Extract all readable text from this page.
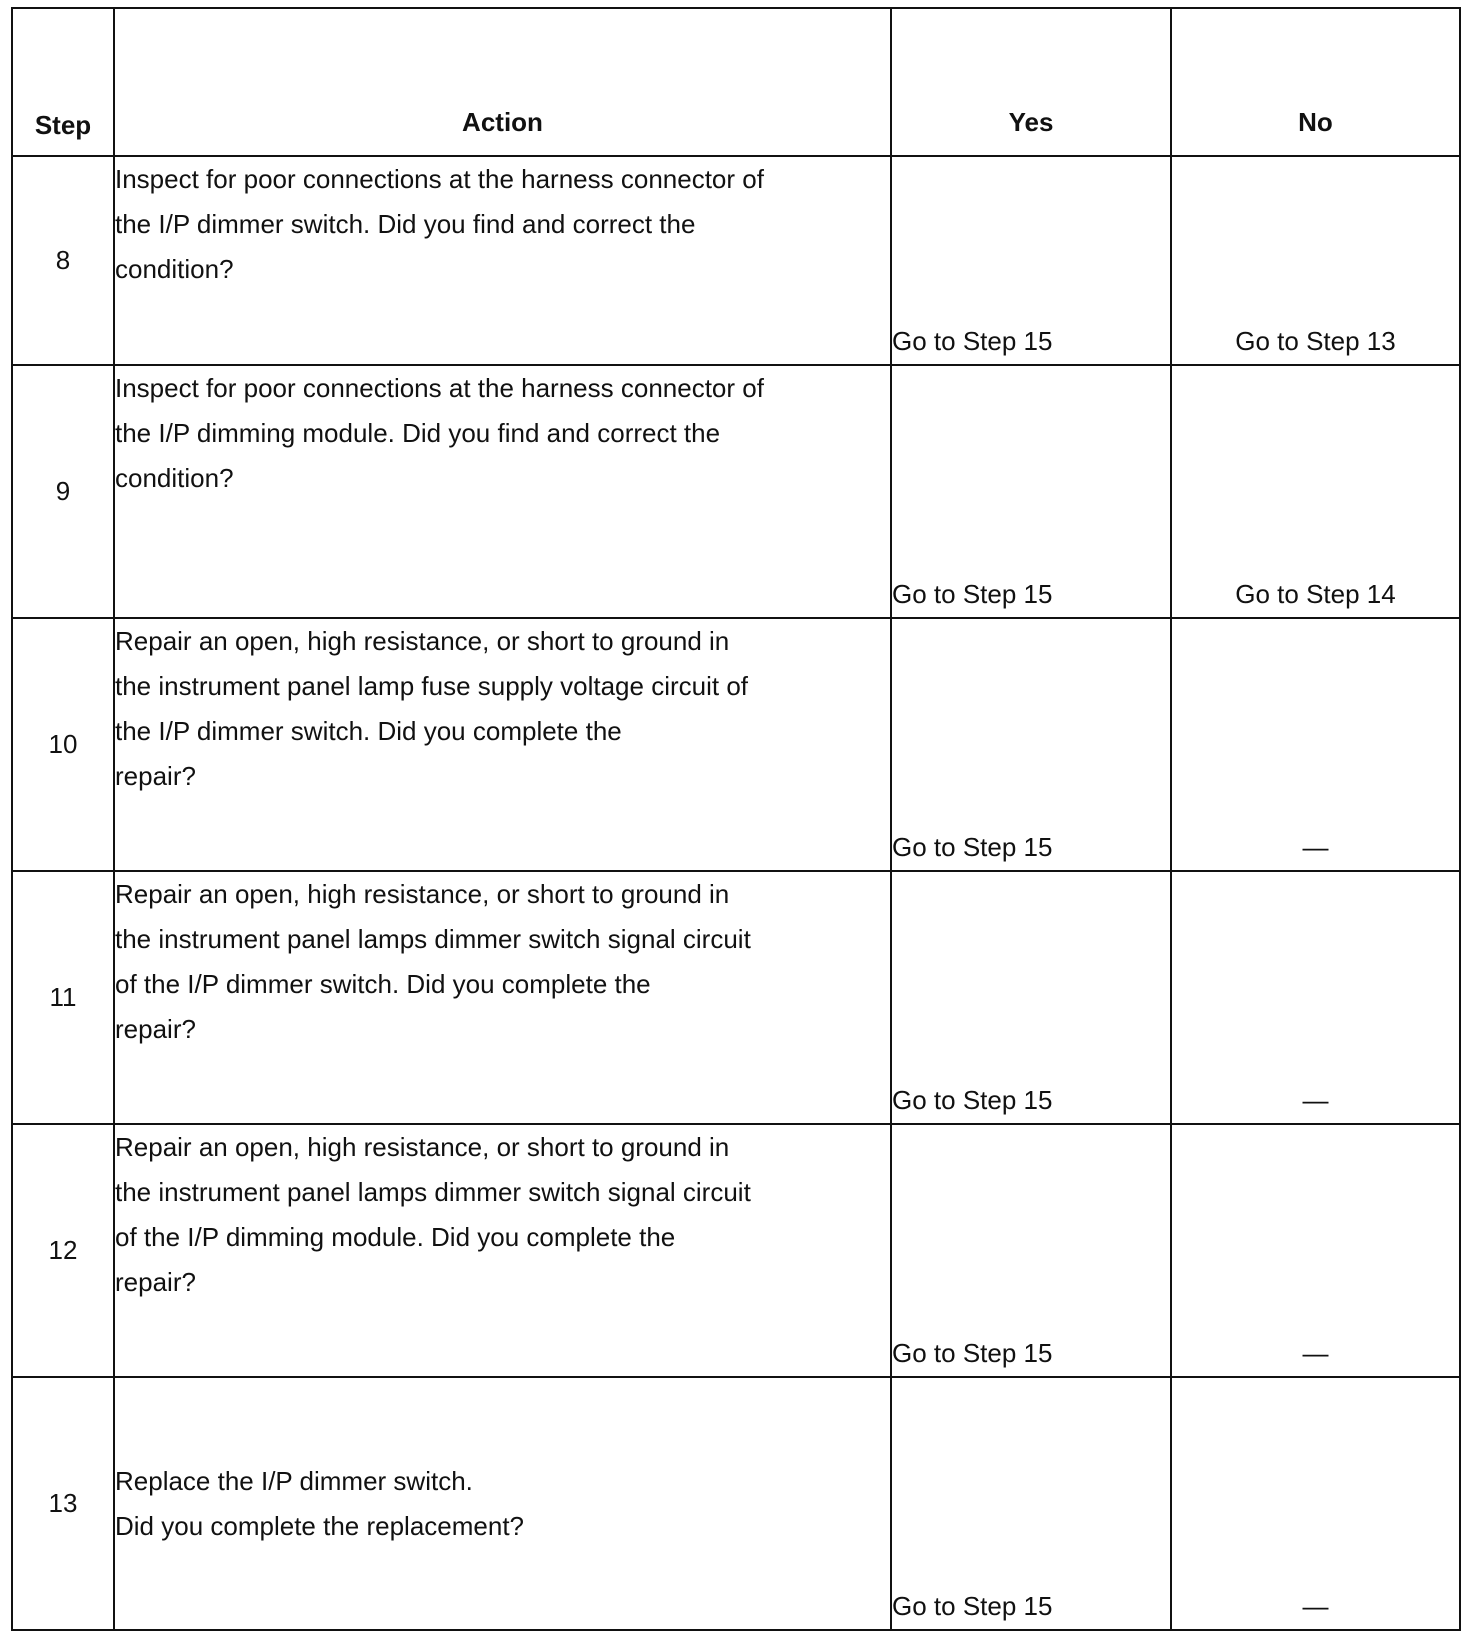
Step	Action	Yes	No
8	Inspect for poor connections at the harness connector of
the I/P dimmer switch. Did you find and correct the
condition?	Go to Step 15	Go to Step 13
9	Inspect for poor connections at the harness connector of
the I/P dimming module. Did you find and correct the
condition?	Go to Step 15	Go to Step 14
10	Repair an open, high resistance, or short to ground in
the instrument panel lamp fuse supply voltage circuit of
the I/P dimmer switch. Did you complete the
repair?	Go to Step 15	—
11	Repair an open, high resistance, or short to ground in
the instrument panel lamps dimmer switch signal circuit
of the I/P dimmer switch. Did you complete the
repair?	Go to Step 15	—
12	Repair an open, high resistance, or short to ground in
the instrument panel lamps dimmer switch signal circuit
of the I/P dimming module. Did you complete the
repair?	Go to Step 15	—
13	Replace the I/P dimmer switch.
Did you complete the replacement?	Go to Step 15	—
